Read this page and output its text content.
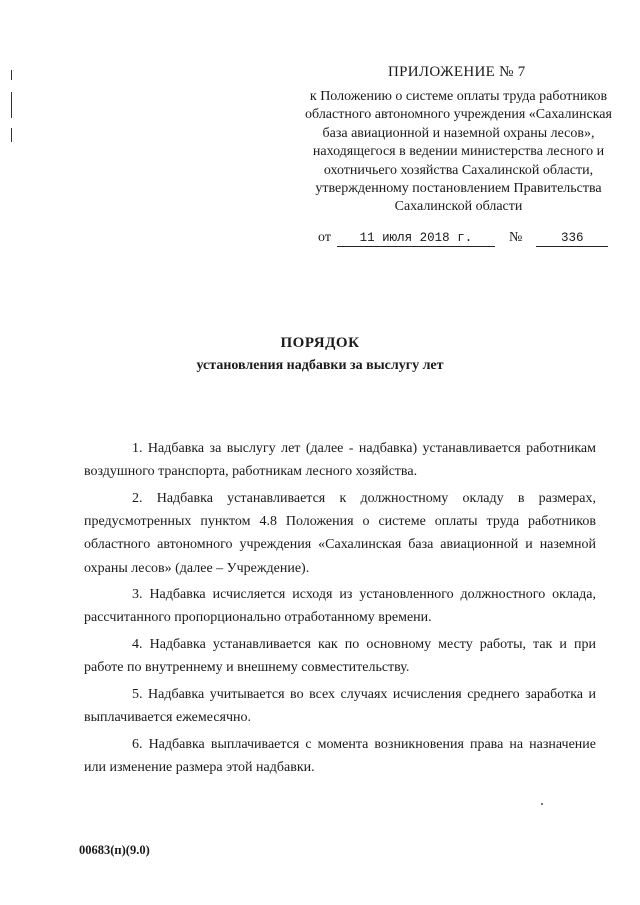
ПРИЛОЖЕНИЕ № 7
к Положению о системе оплаты труда работников областного автономного учреждения «Сахалинская база авиационной и наземной охраны лесов», находящегося в ведении министерства лесного и охотничьего хозяйства Сахалинской области, утвержденному постановлением Правительства Сахалинской области
от 11 июля 2018 г.	№	336
ПОРЯДОК
установления надбавки за выслугу лет

1. Надбавка за выслугу лет (далее - надбавка) устанавливается работникам воздушного транспорта, работникам лесного хозяйства.

2. Надбавка устанавливается к должностному окладу в размерах, предусмотренных пунктом 4.8 Положения о системе оплаты труда работников областного автономного учреждения «Сахалинская база авиационной и наземной охраны лесов» (далее – Учреждение).

3. Надбавка исчисляется исходя из установленного должностного оклада, рассчитанного пропорционально отработанному времени.

4. Надбавка устанавливается как по основному месту работы, так и при работе по внутреннему и внешнему совместительству.

5. Надбавка учитывается во всех случаях исчисления среднего заработка и выплачивается ежемесячно.

6. Надбавка выплачивается с момента возникновения права на назначение или изменение размера этой надбавки.

00683(п)(9.0)
